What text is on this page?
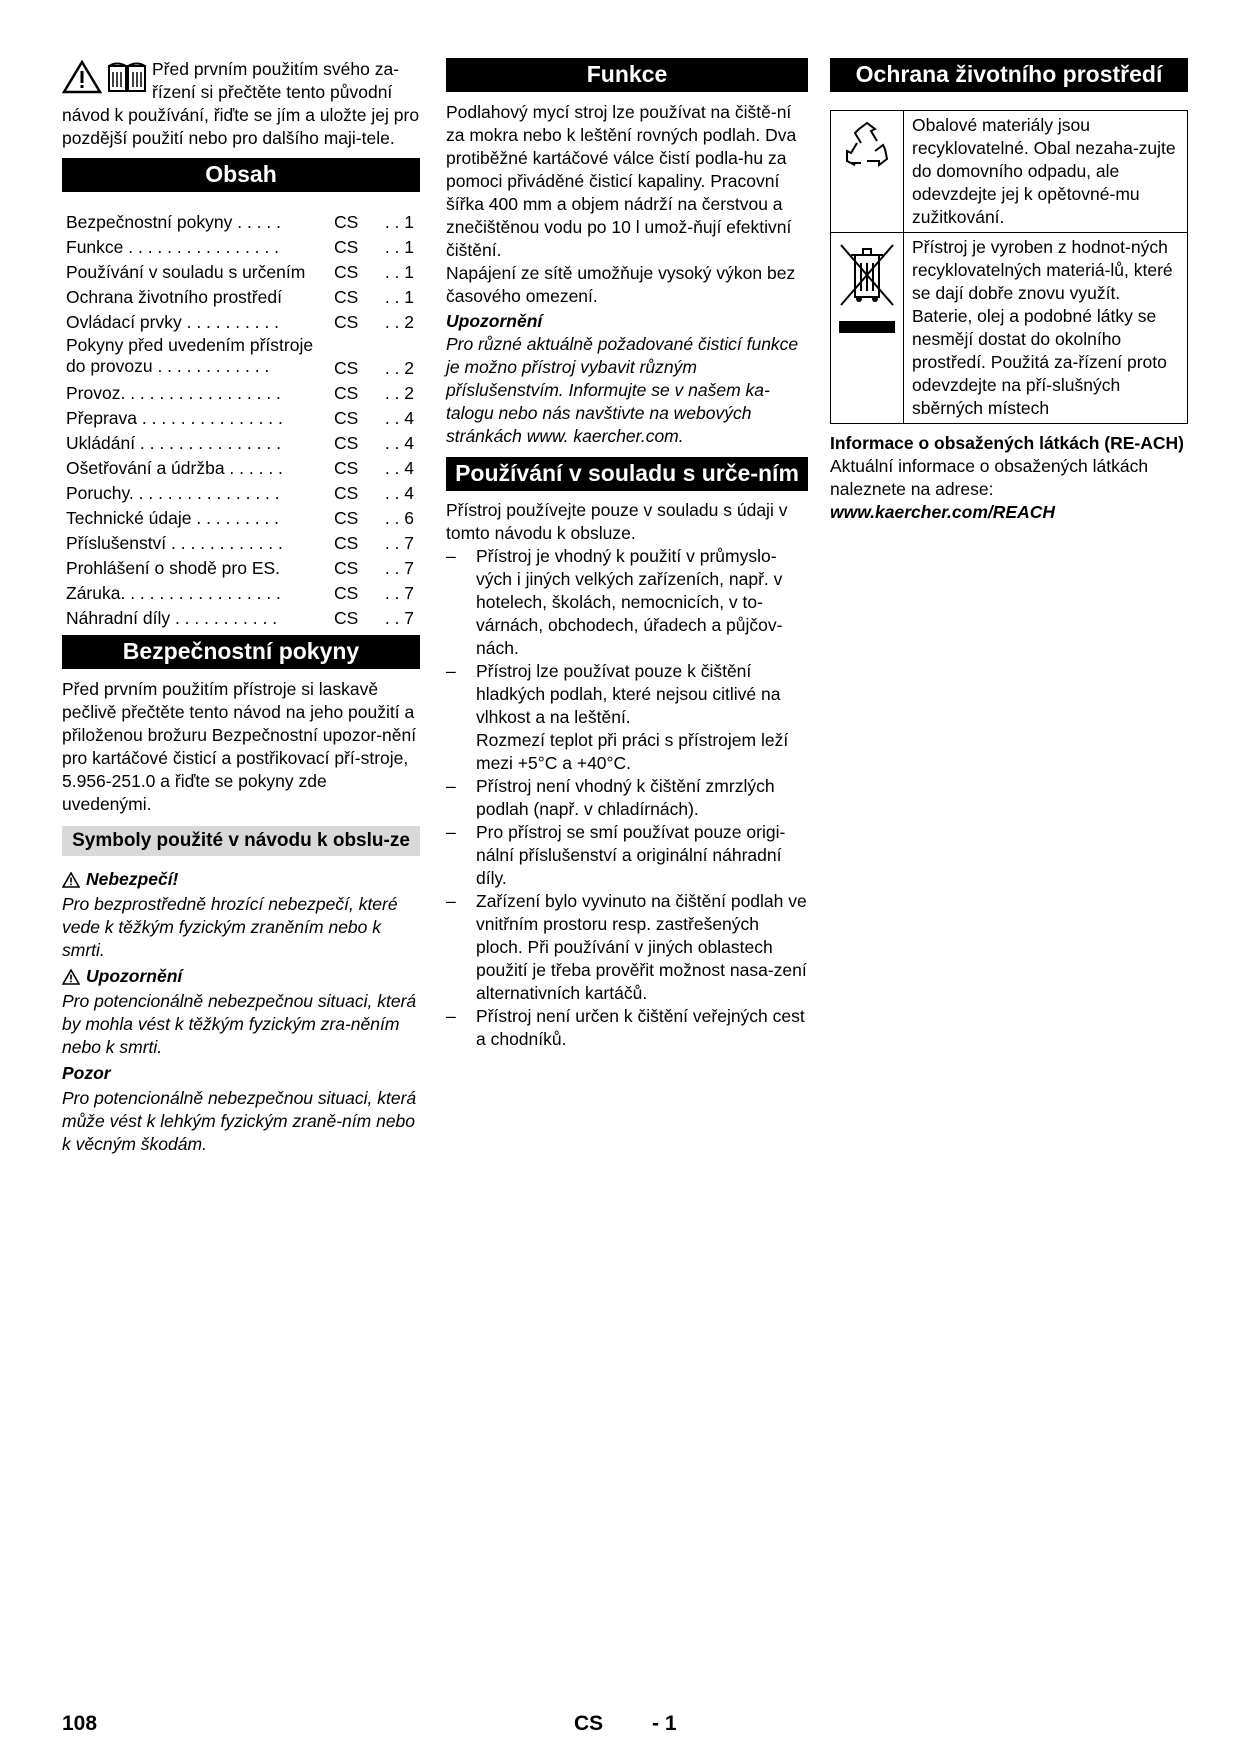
Před prvním použitím svého za-

řízení si přečtěte tento původní

návod k používání, řiďte se jím a uložte jej pro pozdější použití nebo pro dalšího maji-tele.

Obsah
Bezpečnostní pokyny . . . . .	CS	. . 1
Funkce . . . . . . . . . . . . . . . .	CS	. . 1
Používání v souladu s určením	CS	. . 1
Ochrana životního prostředí	CS	. . 1
Ovládací prvky . . . . . . . . . .	CS	. . 2
Pokyny před uvedením přístroje do provozu . . . . . . . . . . . .	CS	. . 2
Provoz. . . . . . . . . . . . . . . . .	CS	. . 2
Přeprava . . . . . . . . . . . . . . .	CS	. . 4
Ukládání . . . . . . . . . . . . . . .	CS	. . 4
Ošetřování a údržba . . . . . .	CS	. . 4
Poruchy. . . . . . . . . . . . . . . .	CS	. . 4
Technické údaje . . . . . . . . .	CS	. . 6
Příslušenství . . . . . . . . . . . .	CS	. . 7
Prohlášení o shodě pro ES.	CS	. . 7
Záruka. . . . . . . . . . . . . . . . .	CS	. . 7
Náhradní díly . . . . . . . . . . .	CS	. . 7
Bezpečnostní pokyny

Před prvním použitím přístroje si laskavě pečlivě přečtěte tento návod na jeho použití a přiloženou brožuru Bezpečnostní upozor-nění pro kartáčové čisticí a postřikovací pří-stroje, 5.956-251.0 a řiďte se pokyny zde uvedenými.

Symboly použité v návodu k obslu-ze
Nebezpečí!

Pro bezprostředně hrozící nebezpečí, které vede k těžkým fyzickým zraněním nebo k smrti.

Upozornění

Pro potencionálně nebezpečnou situaci, která by mohla vést k těžkým fyzickým zra-něním nebo k smrti.

Pozor

Pro potencionálně nebezpečnou situaci, která může vést k lehkým fyzickým zraně-ním nebo k věcným škodám.

Funkce

Podlahový mycí stroj lze používat na čiště-ní za mokra nebo k leštění rovných podlah. Dva protiběžné kartáčové válce čistí podla-hu za pomoci přiváděné čisticí kapaliny. Pracovní šířka 400 mm a objem nádrží na čerstvou a znečištěnou vodu po 10 l umož-ňují efektivní čištění.

Napájení ze sítě umožňuje vysoký výkon bez časového omezení.

Upozornění

Pro různé aktuálně požadované čisticí funkce je možno přístroj vybavit různým příslušenstvím. Informujte se v našem ka-talogu nebo nás navštivte na webových stránkách www. kaercher.com.

Používání v souladu s urče-ním

Přístroj používejte pouze v souladu s údaji v tomto návodu k obsluze.

– Přístroj je vhodný k použití v průmyslo-vých i jiných velkých zařízeních, např. v hotelech, školách, nemocnicích, v to-várnách, obchodech, úřadech a půjčov-nách.
– Přístroj lze používat pouze k čištění hladkých podlah, které nejsou citlivé na vlhkost a na leštění.
Rozmezí teplot při práci s přístrojem leží mezi +5°C a +40°C.
– Přístroj není vhodný k čištění zmrzlých podlah (např. v chladírnách).
– Pro přístroj se smí používat pouze origi-nální příslušenství a originální náhradní díly.
– Zařízení bylo vyvinuto na čištění podlah ve vnitřním prostoru resp. zastřešených ploch. Při používání v jiných oblastech použití je třeba prověřit možnost nasa-zení alternativních kartáčů.
– Přístroj není určen k čištění veřejných cest a chodníků.
Ochrana životního prostředí
	Obalové materiály jsou recyklovatelné. Obal nezaha-zujte do domovního odpadu, ale odevzdejte jej k opětovné-mu zužitkování.
	Přístroj je vyroben z hodnot-ných recyklovatelných materiá-lů, které se dají dobře znovu využít. Baterie, olej a podobné látky se nesmějí dostat do okolního prostředí. Použitá za-řízení proto odevzdejte na pří-slušných sběrných místech

Informace o obsažených látkách (RE-ACH)

Aktuální informace o obsažených látkách naleznete na adrese:

www.kaercher.com/REACH

108	CS - 1
